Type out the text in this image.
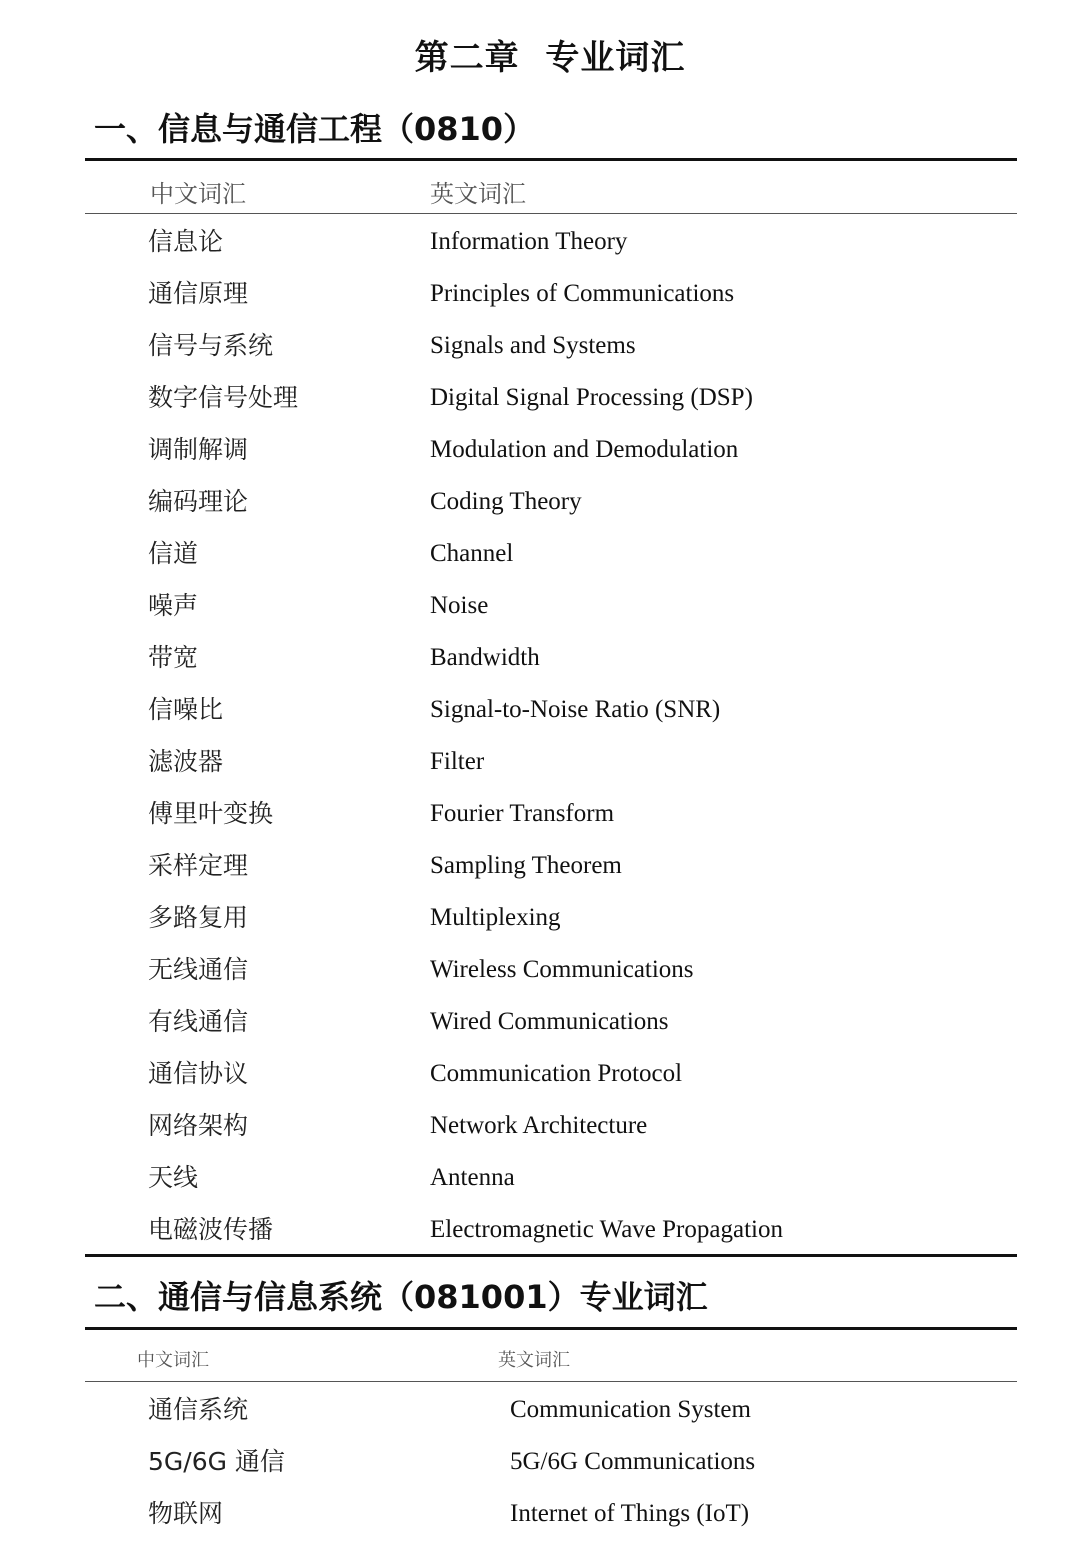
第二章  专业词汇
一、信息与通信工程（0810）
中文词汇	英文词汇
信息论	Information Theory
通信原理	Principles of Communications
信号与系统	Signals and Systems
数字信号处理	Digital Signal Processing (DSP)
调制解调	Modulation and Demodulation
编码理论	Coding Theory
信道	Channel
噪声	Noise
带宽	Bandwidth
信噪比	Signal-to-Noise Ratio (SNR)
滤波器	Filter
傅里叶变换	Fourier Transform
采样定理	Sampling Theorem
多路复用	Multiplexing
无线通信	Wireless Communications
有线通信	Wired Communications
通信协议	Communication Protocol
网络架构	Network Architecture
天线	Antenna
电磁波传播	Electromagnetic Wave Propagation
二、通信与信息系统（081001）专业词汇
中文词汇	英文词汇
通信系统	Communication System
5G/6G 通信	5G/6G Communications
物联网	Internet of Things (IoT)
